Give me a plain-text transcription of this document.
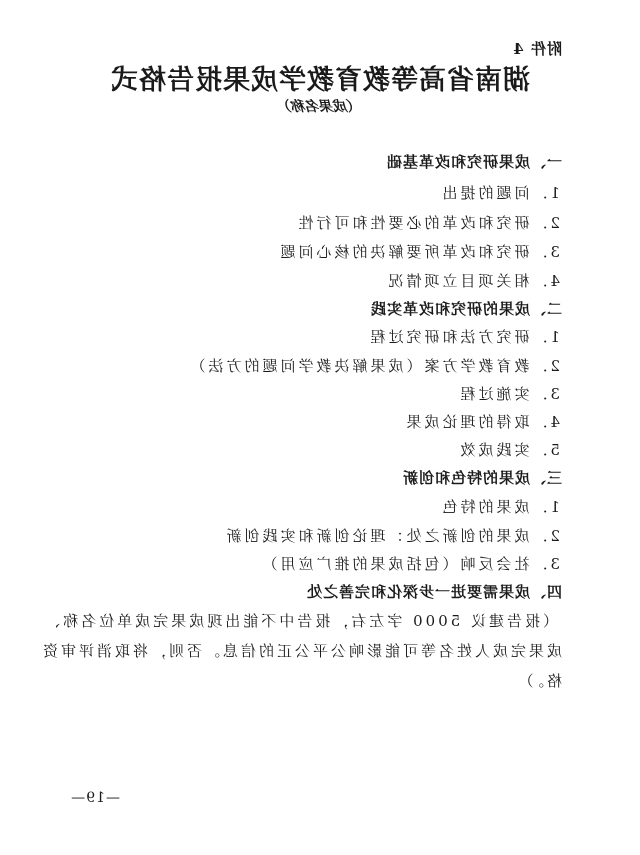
附件 4
湖南省高等教育教学成果报告格式
（成果名称）
一、成果研究和改革基础
1．问题的提出
2．研究和改革的必要性和可行性
3．研究和改革所要解决的核心问题
4．相关项目立项情况
二、成果的研究和改革实践
1．研究方法和研究过程
2．教育教学方案（成果解决教学问题的方法）
3．实施过程
4．取得的理论成果
5．实践成效
三、成果的特色和创新
1．成果的特色
2．成果的创新之处：理论创新和实践创新
3．社会反响（包括成果的推广应用）
四、成果需要进一步深化和完善之处
（报告建议 5000 字左右，报告中不能出现成果完成单位名称、
成果完成人姓名等可能影响公平公正的信息。否则，将取消评审资
格。）
—19—
